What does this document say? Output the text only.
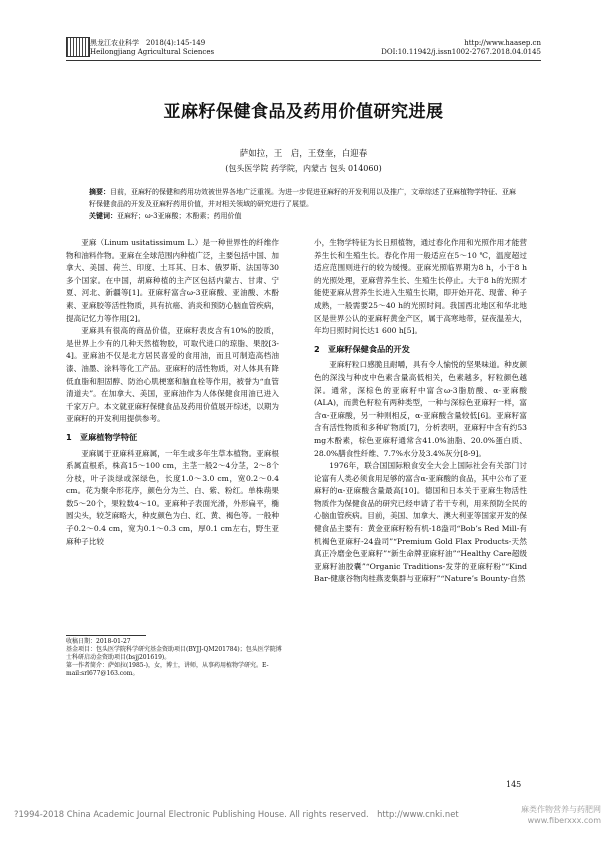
黑龙江农业科学　 2018(4):145-149
Heilongjiang Agricultural Sciences
http://www.haasep.cn
DOI:10.11942/j.issn1002-2767.2018.04.0145
亚麻籽保健食品及药用价值研究进展
萨如拉，王　启，王登奎，白迎春
(包头医学院 药学院，内蒙古 包头 014060)
摘要：目前，亚麻籽的保健和药用功效被世界各地广泛重视。为进一步促进亚麻籽的开发利用以及推广，文章综述了亚麻植物学特征、亚麻籽保健食品的开发及亚麻籽药用价值，并对相关领域的研究进行了展望。
关键词：亚麻籽；ω-3亚麻酸；木酚素；药用价值

亚麻（Linum usitatissimum L.）是一种世界性的纤维作物和油料作物。亚麻在全球范围内种植广泛，主要包括中国、加拿大、美国、荷兰、印度、土耳其、日本、俄罗斯、法国等30多个国家。在中国，胡麻种植的主产区包括内蒙古、甘肃、宁夏、河北、新疆等[1]。亚麻籽富含ω-3亚麻酸、亚油酸、木酚素、亚麻胶等活性物质，具有抗癌、消炎和预防心脑血管疾病，提高记忆力等作用[2]。

亚麻具有很高的商品价值，亚麻籽表皮含有10%的胶质，是世界上少有的几种天然植物胶，可取代进口的琼脂、果胶[3-4]。亚麻油不仅是北方居民喜爱的食用油，而且可制造高档油漆、油墨、涂料等化工产品。亚麻籽的活性物质，对人体具有降低血脂和胆固醇、防治心肌梗塞和脑血栓等作用，被誉为“血管清道夫”。在加拿大、美国，亚麻油作为人体保健食用油已进入千家万户。本文就亚麻籽保健食品及药用价值展开综述，以期为亚麻籽的开发利用提供参考。

1　亚麻植物学特征

亚麻属于亚麻科亚麻属，一年生或多年生草本植物。亚麻根系属直根系，株高15～100 cm，主茎一般2～4分茎，2～8个分枝，叶子淡绿或深绿色，长度1.0～3.0 cm，宽0.2～0.4 cm。花为聚伞形花序，颜色分为兰、白、紫、粉红。单株蒴果数5～20个，果粒数4～10。亚麻种子表面光滑，外形扁平，椭圆尖头，较芝麻略大，种皮颜色为白、红、黄、褐色等。一般种子0.2～0.4 cm，宽为0.1～0.3 cm，厚0.1 cm左右，野生亚麻种子比较

小，生物学特征为长日照植物，通过春化作用和光照作用才能营养生长和生殖生长。春化作用一般适应在5～10 ℃，温度超过适应范围则进行的较为缓慢。亚麻光照临界期为8 h，小于8 h的光照处理，亚麻营养生长、生殖生长停止。大于8 h的光照才能使亚麻从营养生长进入生殖生长期，即开始开花、现蕾、种子成熟，一般需要25～40 h的光照时间。我国西北地区和华北地区是世界公认的亚麻籽黄金产区，属于高寒地带，昼夜温差大，年均日照时间长达1 600 h[5]。

2　亚麻籽保健食品的开发

亚麻籽粒口感脆且耐嚼，具有令人愉悦的坚果味道。种皮颜色的深浅与种皮中色素含量高低相关，色素越多，籽粒颜色越深。通常，深棕色的亚麻籽中富含ω-3脂肪酸、α-亚麻酸(ALA)，而黄色籽粒有两种类型，一种与深棕色亚麻籽一样，富含α-亚麻酸，另一种则相反，α-亚麻酸含量较低[6]。亚麻籽富含有活性物质和多种矿物质[7]，分析表明，亚麻籽中含有约53 mg木酚素，棕色亚麻籽通常含41.0%油脂、20.0%蛋白质、28.0%膳食性纤维、7.7%水分及3.4%灰分[8-9]。

1976年，联合国国际粮食安全大会上国际社会有关部门讨论富有人类必须食用足够的富含α-亚麻酸的食品，其中公布了亚麻籽的α-亚麻酸含量最高[10]。德国和日本关于亚麻生物活性物质作为保健食品的研究已经申请了若干专利，用来预防全民的心脑血管疾病。目前，美国、加拿大、澳大利亚等国家开发的保健食品主要有：黄金亚麻籽粉有机-18盎司“Bob’s Red Mill-有机褐色亚麻籽-24盎司”“Premium Gold Flax Products-天然真正冷磨金色亚麻籽”“新生命牌亚麻籽油”“Healthy Care超级亚麻籽油胶囊”“Organic Traditions-发芽的亚麻籽粉”“Kind Bar-健康谷物肉桂燕麦集群与亚麻籽”“Nature’s Bounty-自然

收稿日期：2018-01-27
基金项目：包头医学院科学研究基金资助项目(BYJJ-QM201784)；包头医学院博士科研启动金资助项目(bsjj201619)。
第一作者简介：萨如拉(1985-)，女，博士，讲师，从事药用植物学研究。E-mail:srl677@163.com。
145
?1994-2018 China Academic Journal Electronic Publishing House. All rights reserved.　http://www.cnki.net	麻类作物营养与药肥网
www.fiberxxx.com
